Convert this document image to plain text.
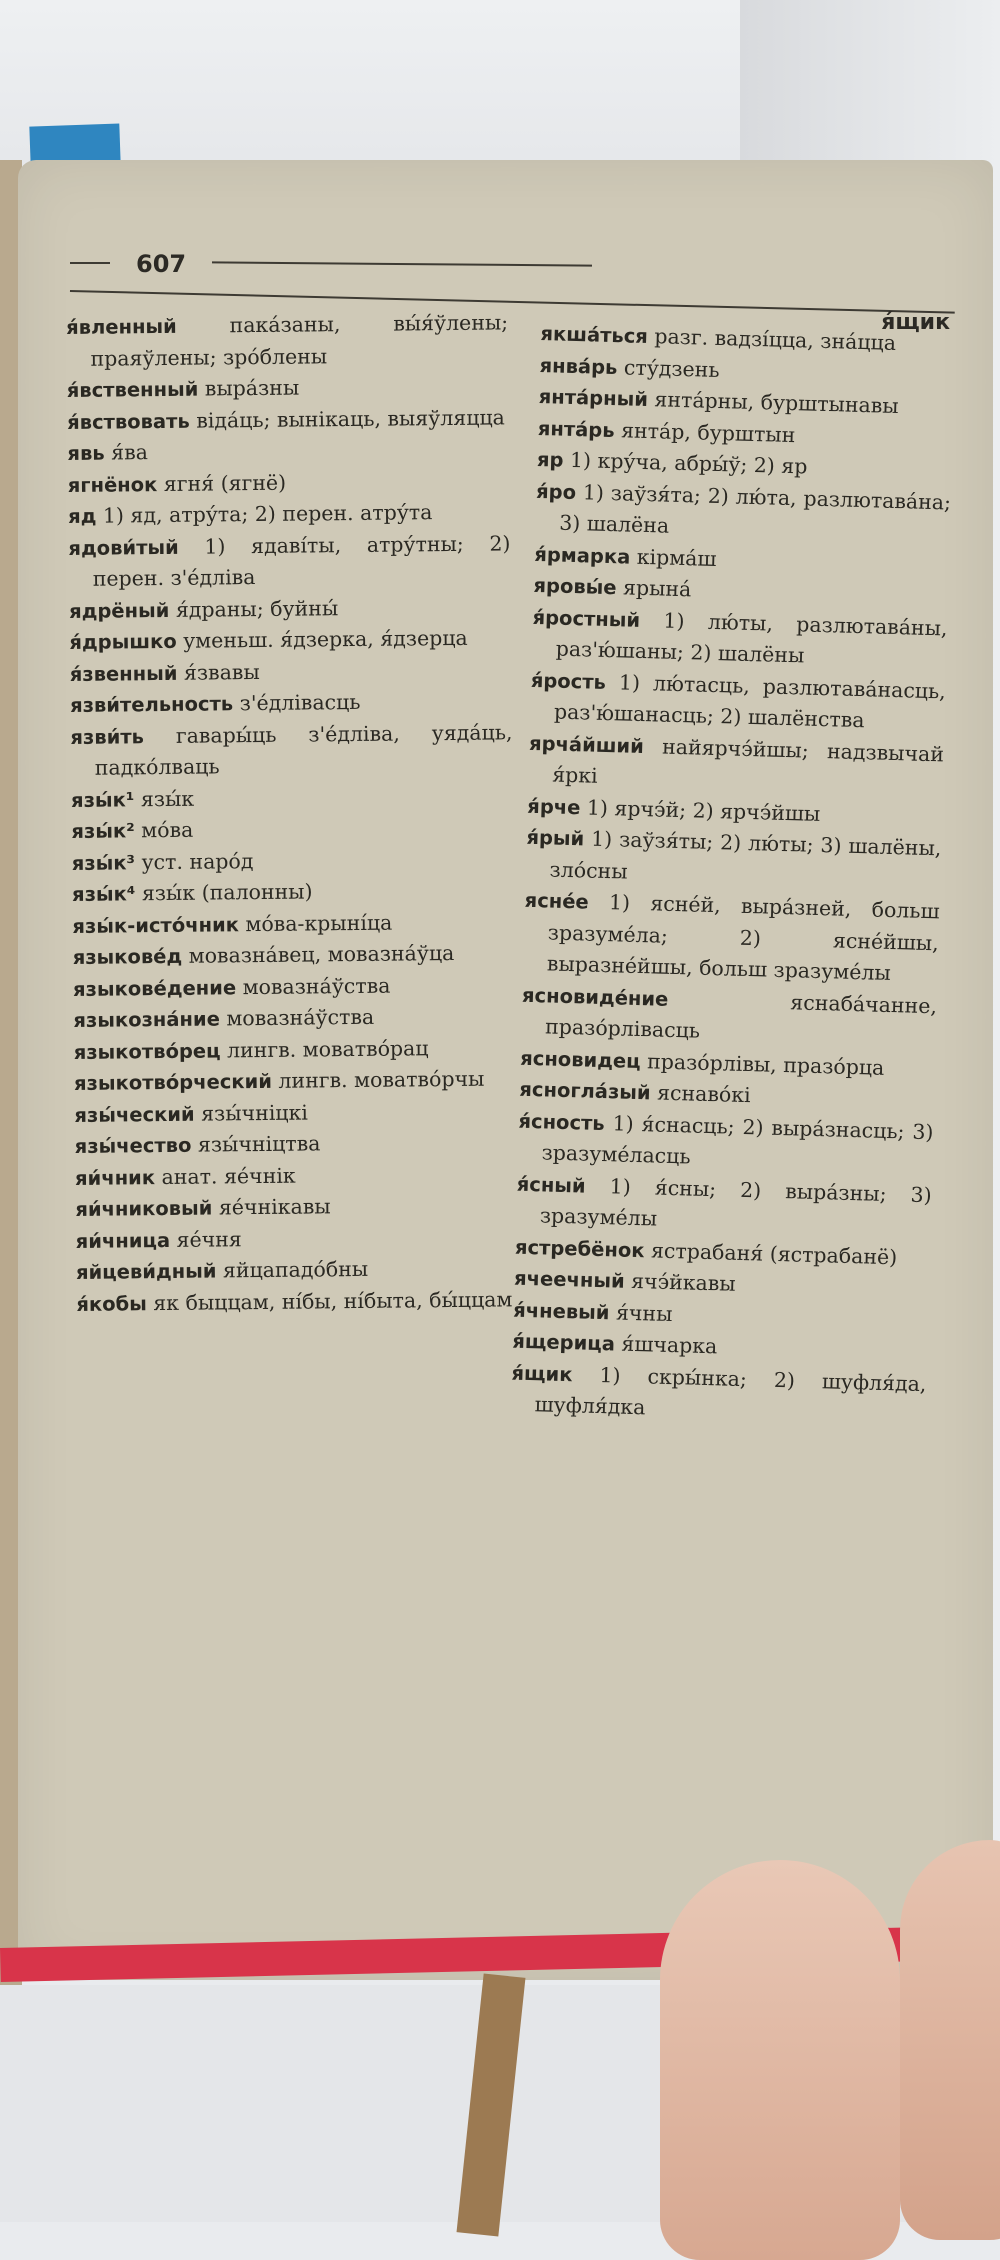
607
я́щик
я́вленный пака́заны, вы́я́ўлены; праяўлены; зро́блены
я́вственный выра́зны
я́вствовать віда́ць; вынікаць, выяўляцца
явь я́ва
ягнёнок ягня́ (ягнё)
яд 1) яд, атру́та; 2) перен. атру́та
ядови́тый 1) ядаві́ты, атру́тны; 2) перен. з'е́дліва
ядрёный я́драны; буйны́
я́дрышко уменьш. я́дзерка, я́дзерца
я́звенный я́звавы
язви́тельность з'е́длівасць
язви́ть гавары́ць з'е́дліва, уяда́ць, падко́лваць
язы́к¹ язы́к
язы́к² мо́ва
язы́к³ уст. наро́д
язы́к⁴ язы́к (палонны)
язы́к-исто́чник мо́ва-крыні́ца
языкове́д мовазна́вец, мовазна́ўца
языкове́дение мовазна́ўства
языкозна́ние мовазна́ўства
языкотво́рец лингв. моватво́рац
языкотво́рческий лингв. моватво́рчы
язы́ческий язы́чніцкі
язы́чество язы́чніцтва
яи́чник анат. яе́чнік
яи́чниковый яе́чнікавы
яи́чница яе́чня
яйцеви́дный яйцападо́бны
я́кобы як быццам, ні́бы, ні́быта, бы́ццам
якша́ться разг. вадзі́цца, зна́цца
янва́рь сту́дзень
янта́рный янта́рны, бурштынавы
янта́рь янта́р, бурштын
яр 1) кру́ча, абры́ў; 2) яр
я́ро 1) заўзя́та; 2) лю́та, разлютава́на; 3) шалёна
я́рмарка кірма́ш
яровы́е ярына́
я́ростный 1) лю́ты, разлютава́ны, раз'ю́шаны; 2) шалёны
я́рость 1) лю́тасць, разлютава́насць, раз'ю́шанасць; 2) шалёнства
ярча́йший найярчэ́йшы; надзвычай я́ркі
я́рче 1) ярчэ́й; 2) ярчэ́йшы
я́рый 1) заўзя́ты; 2) лю́ты; 3) шалёны, зло́сны
ясне́е 1) ясне́й, выра́зней, больш зразуме́ла; 2) ясне́йшы, выразне́йшы, больш зразуме́лы
ясновиде́ние яснаба́чанне, празо́рлівасць
ясновидец празо́рлівы, празо́рца
ясногла́зый яснаво́кі
я́сность 1) я́снасць; 2) выра́знасць; 3) зразуме́ласць
я́сный 1) я́сны; 2) выра́зны; 3) зразуме́лы
ястребёнок ястрабаня́ (ястрабанё)
ячеечный ячэ́йкавы
я́чневый я́чны
я́щерица я́шчарка
я́щик 1) скры́нка; 2) шуфля́да, шуфля́дка
